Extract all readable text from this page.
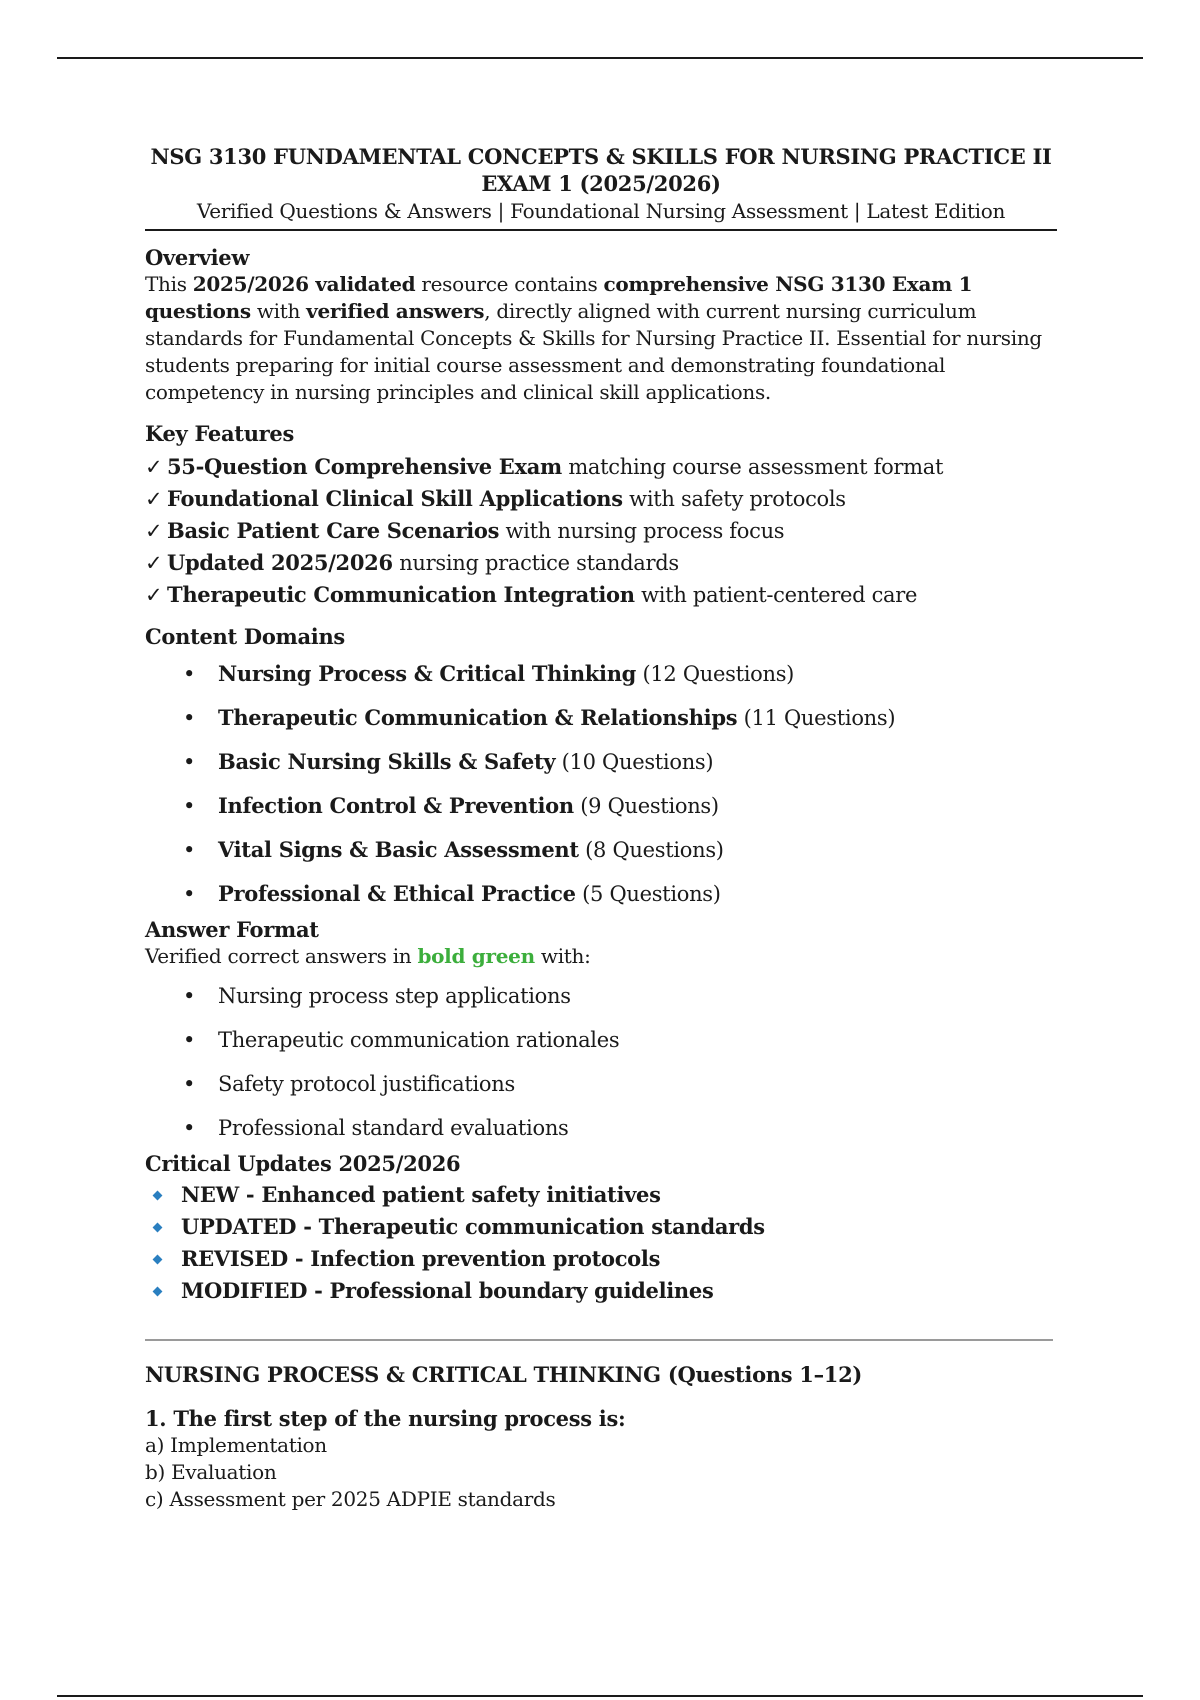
NSG 3130 FUNDAMENTAL CONCEPTS & SKILLS FOR NURSING PRACTICE II
EXAM 1 (2025/2026)
Verified Questions & Answers | Foundational Nursing Assessment | Latest Edition
Overview
This 2025/2026 validated resource contains comprehensive NSG 3130 Exam 1 questions with verified answers, directly aligned with current nursing curriculum standards for Fundamental Concepts & Skills for Nursing Practice II. Essential for nursing students preparing for initial course assessment and demonstrating foundational competency in nursing principles and clinical skill applications.
Key Features
✓ 55-Question Comprehensive Exam matching course assessment format
✓ Foundational Clinical Skill Applications with safety protocols
✓ Basic Patient Care Scenarios with nursing process focus
✓ Updated 2025/2026 nursing practice standards
✓ Therapeutic Communication Integration with patient-centered care
Content Domains
• Nursing Process & Critical Thinking (12 Questions)
• Therapeutic Communication & Relationships (11 Questions)
• Basic Nursing Skills & Safety (10 Questions)
• Infection Control & Prevention (9 Questions)
• Vital Signs & Basic Assessment (8 Questions)
• Professional & Ethical Practice (5 Questions)
Answer Format
Verified correct answers in bold green with:
• Nursing process step applications
• Therapeutic communication rationales
• Safety protocol justifications
• Professional standard evaluations
Critical Updates 2025/2026
NEW - Enhanced patient safety initiatives
UPDATED - Therapeutic communication standards
REVISED - Infection prevention protocols
MODIFIED - Professional boundary guidelines
NURSING PROCESS & CRITICAL THINKING (Questions 1–12)
1. The first step of the nursing process is:
a) Implementation
b) Evaluation
c) Assessment per 2025 ADPIE standards
